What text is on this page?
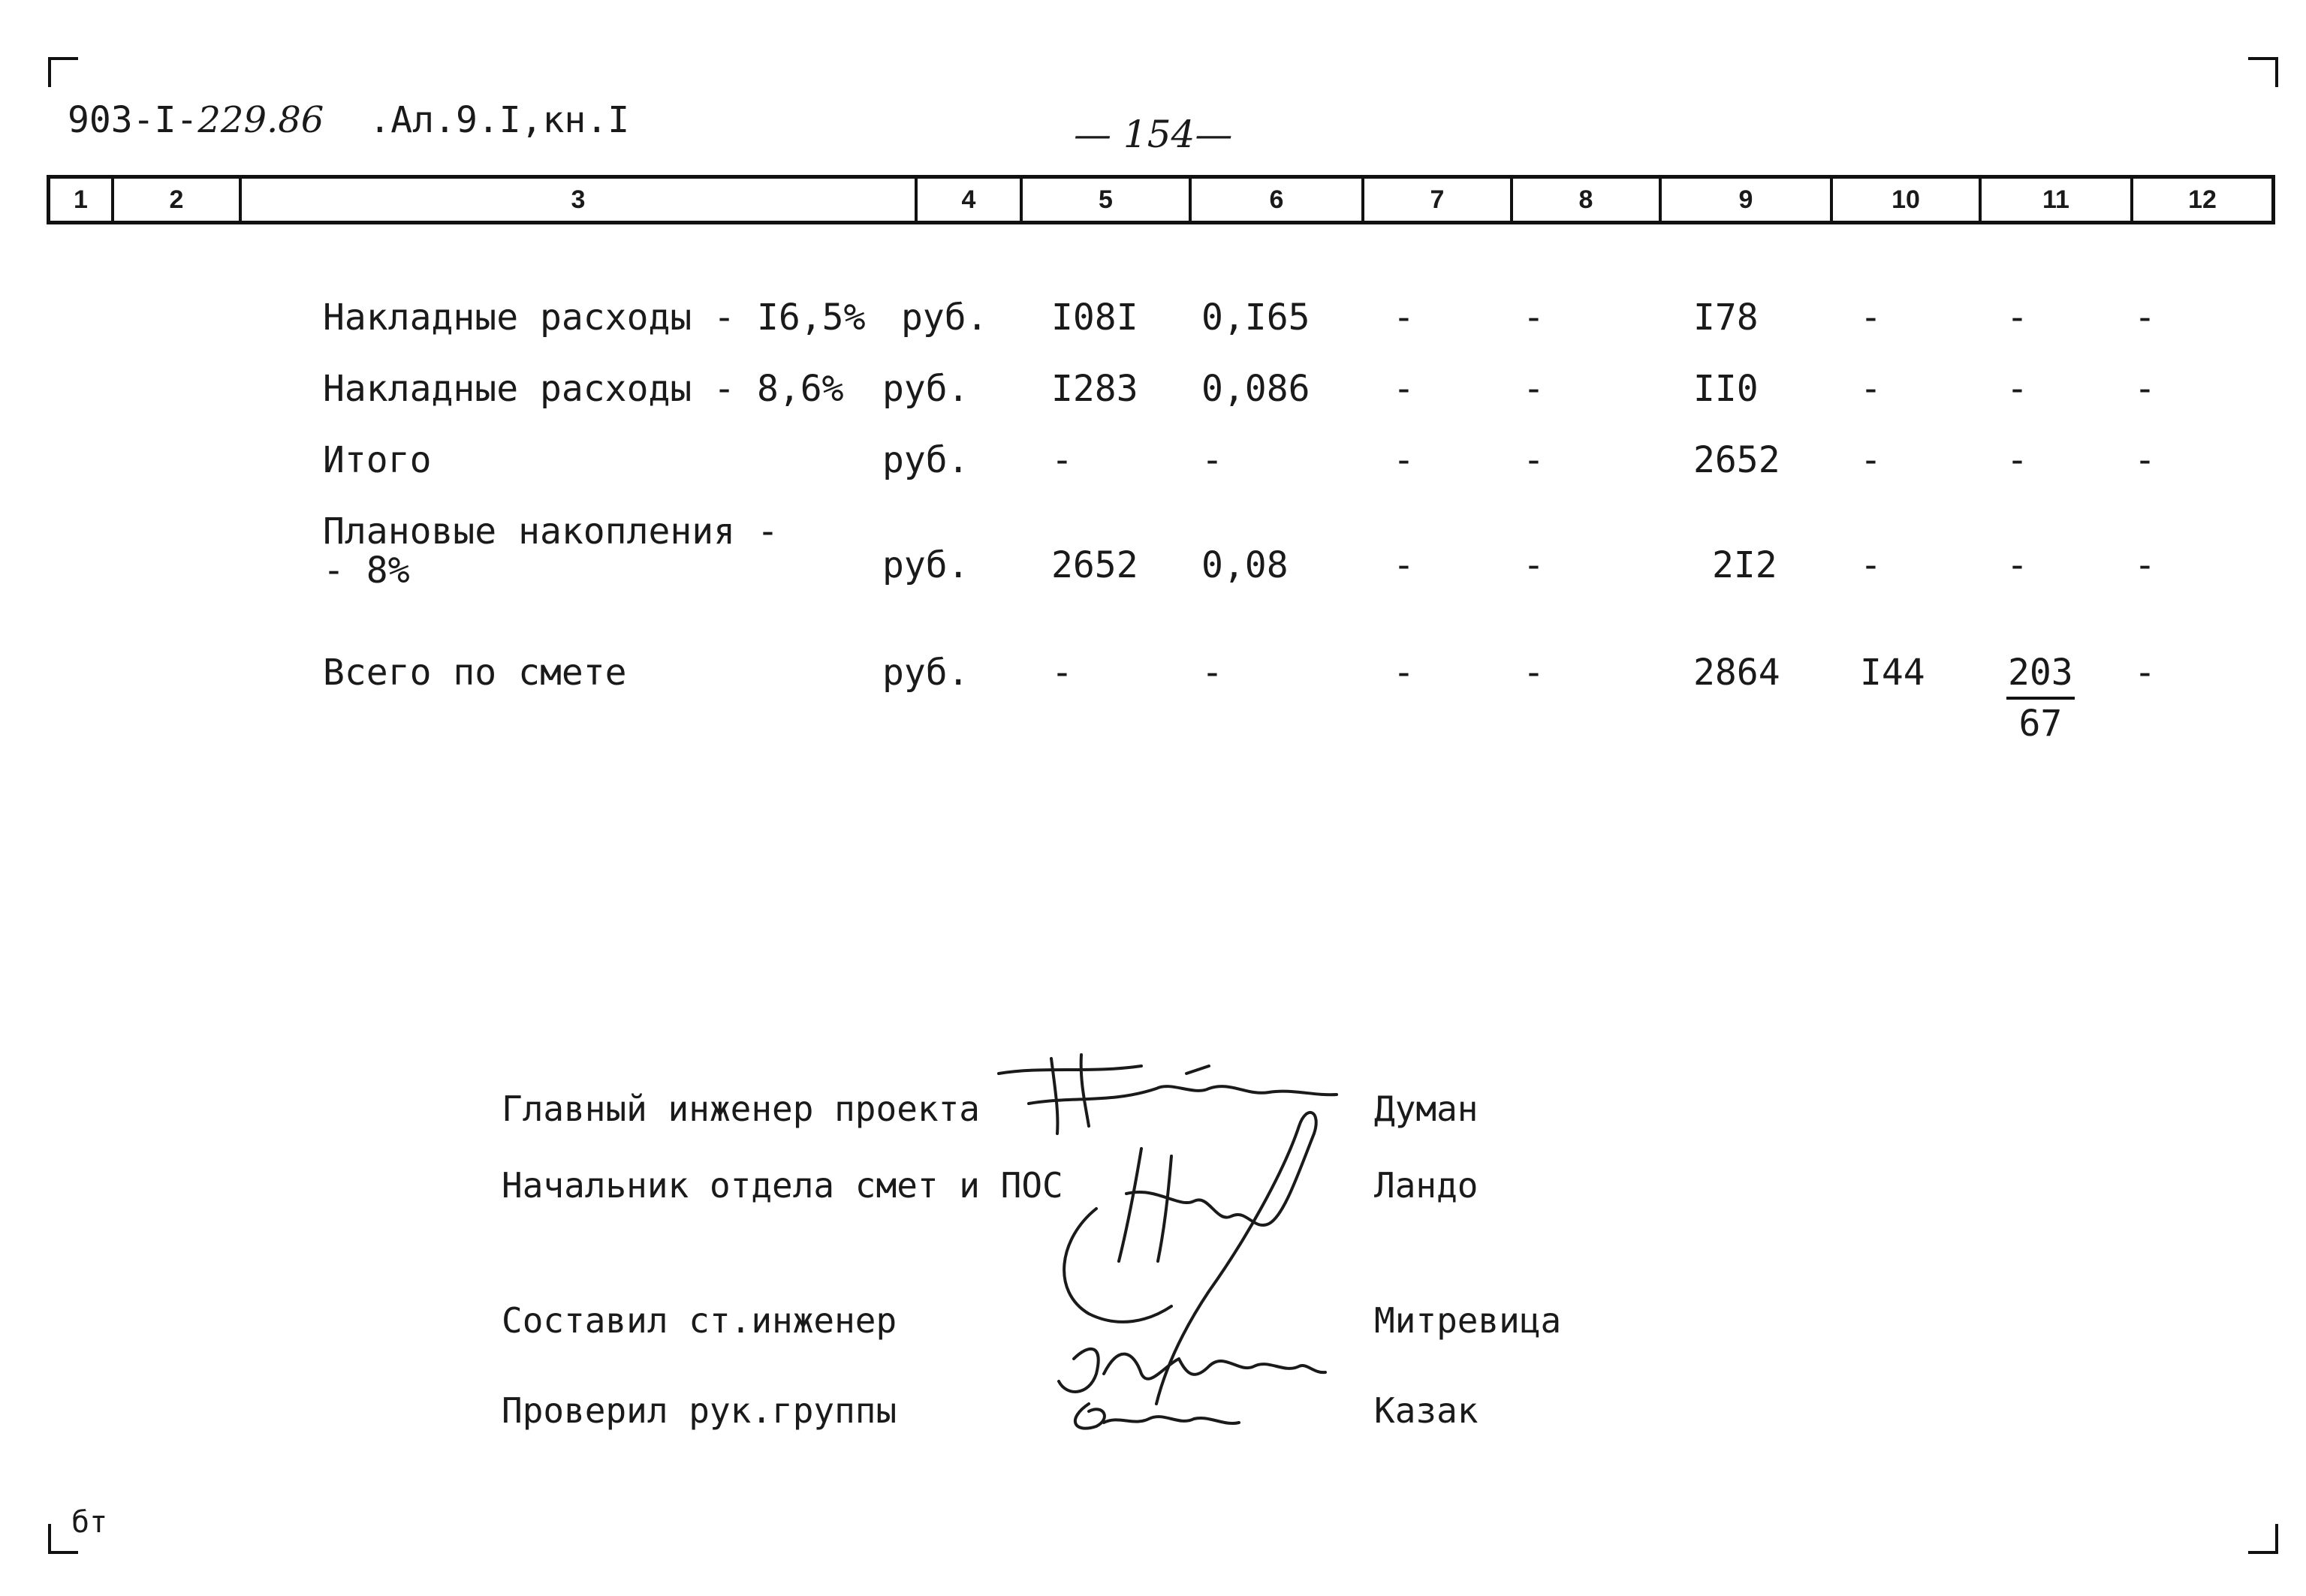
903-I-229.86 .Ал.9.I,кн.I	— 154—
1	2	3	4	5	6	7	8	9	10	11	12
Накладные расходы - I6,5% руб. I08I 0,I65 -	-	I78	-	-	-
Накладные расходы - 8,6% руб. I283 0,086 -	-	II0	-	-	-
Итого	руб. -	-	-	-	2652 -	-	-
Плановые накопления -
- 8%	руб. 2652 0,08	-	-	2I2 -	-	-
Всего по смете	руб. -	-	-	-	2864 $I44 \frac{203}{67}$ -
Главный инженер проекта	Думан
Начальник отдела смет и ПОС	Ландо
Составил ст.инженер	Митревица
Проверил рук.группы	Казак
бт
